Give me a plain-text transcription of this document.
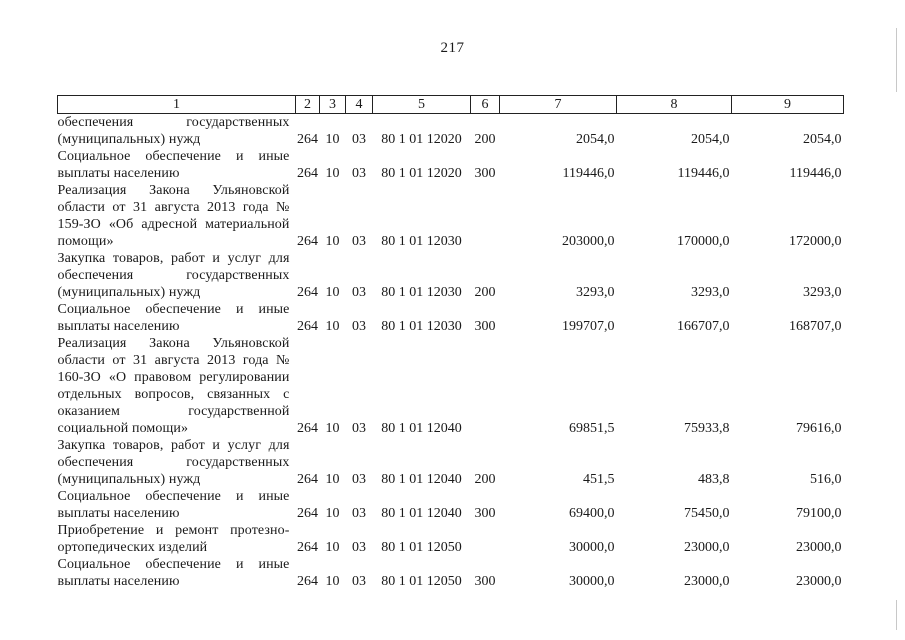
217
1	2	3	4	5	6	7	8	9
обеспечения государственных (муниципальных) нужд	264	10	03	80 1 01 12020	200	2054,0	2054,0	2054,0
Социальное обеспечение и иные выплаты населению	264	10	03	80 1 01 12020	300	119446,0	119446,0	119446,0
Реализация Закона Ульяновской области от 31 августа 2013 года № 159-ЗО «Об адресной материальной помощи»	264	10	03	80 1 01 12030		203000,0	170000,0	172000,0
Закупка товаров, работ и услуг для обеспечения государственных (муниципальных) нужд	264	10	03	80 1 01 12030	200	3293,0	3293,0	3293,0
Социальное обеспечение и иные выплаты населению	264	10	03	80 1 01 12030	300	199707,0	166707,0	168707,0
Реализация Закона Ульяновской области от 31 августа 2013 года № 160-ЗО «О правовом регулировании отдельных вопросов, связанных с оказанием государственной социальной помощи»	264	10	03	80 1 01 12040		69851,5	75933,8	79616,0
Закупка товаров, работ и услуг для обеспечения государственных (муниципальных) нужд	264	10	03	80 1 01 12040	200	451,5	483,8	516,0
Социальное обеспечение и иные выплаты населению	264	10	03	80 1 01 12040	300	69400,0	75450,0	79100,0
Приобретение и ремонт протезно-ортопедических изделий	264	10	03	80 1 01 12050		30000,0	23000,0	23000,0
Социальное обеспечение и иные выплаты населению	264	10	03	80 1 01 12050	300	30000,0	23000,0	23000,0
